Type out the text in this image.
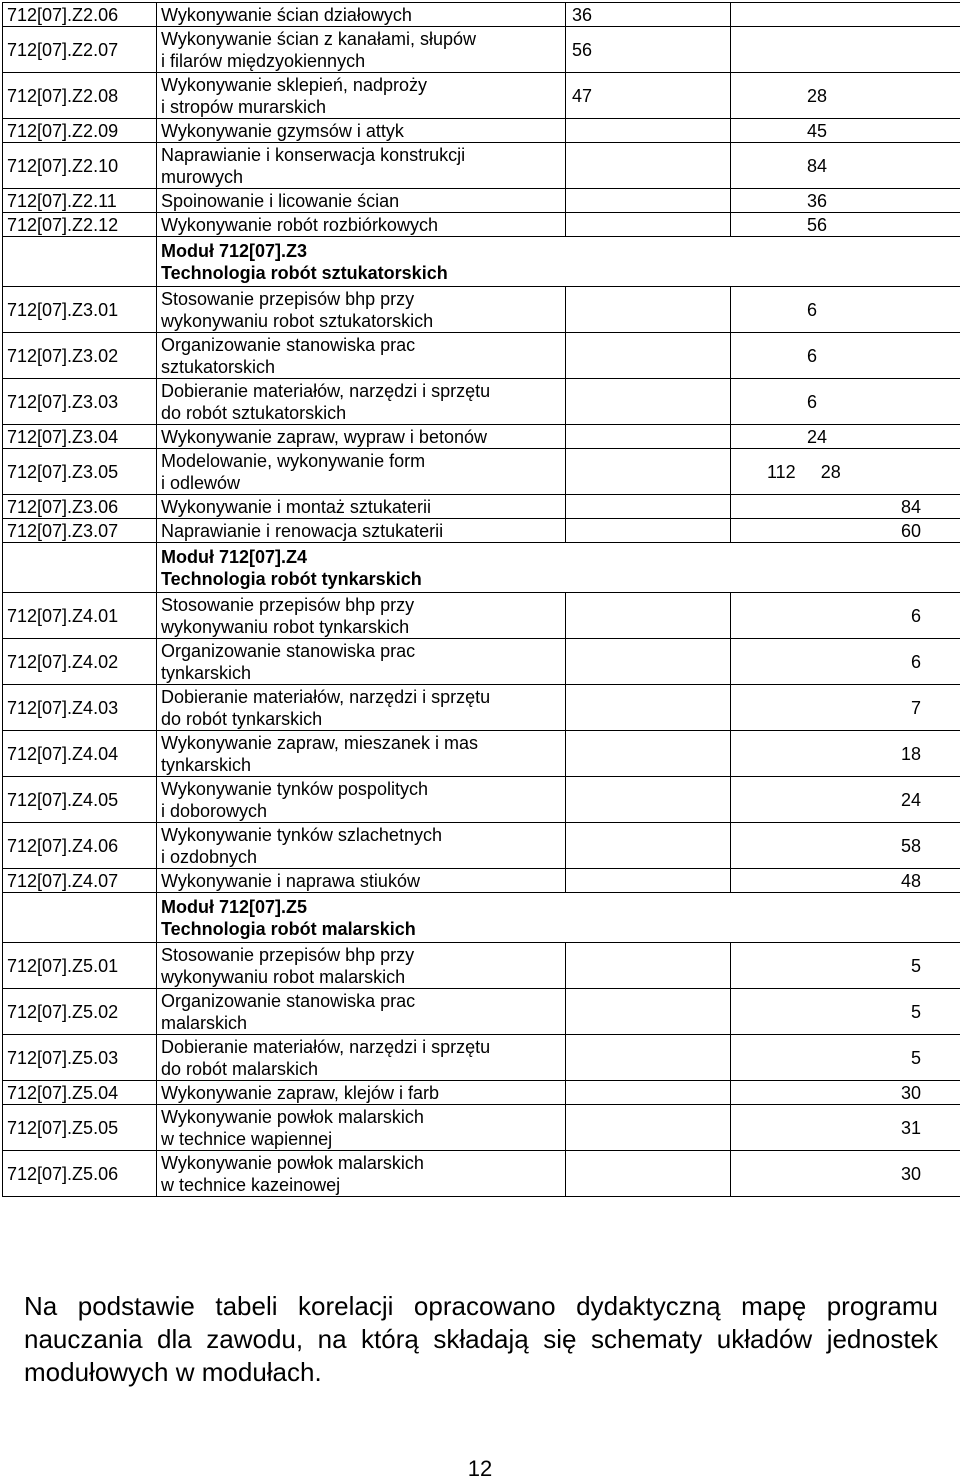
712[07].Z2.06	Wykonywanie ścian działowych	36	
712[07].Z2.07	Wykonywanie ścian z kanałami, słupów
i filarów międzyokiennych	56	
712[07].Z2.08	Wykonywanie sklepień, nadproży
i stropów murarskich	47	28
712[07].Z2.09	Wykonywanie gzymsów i attyk		45
712[07].Z2.10	Naprawianie i konserwacja konstrukcji
murowych		84
712[07].Z2.11	Spoinowanie i licowanie ścian		36
712[07].Z2.12	Wykonywanie robót rozbiórkowych		56

	Moduł 712[07].Z3
Technologia robót sztukatorskich		

712[07].Z3.01	Stosowanie przepisów bhp przy
wykonywaniu robot sztukatorskich		6
712[07].Z3.02	Organizowanie stanowiska prac
sztukatorskich		6
712[07].Z3.03	Dobieranie materiałów, narzędzi i sprzętu
do robót sztukatorskich		6
712[07].Z3.04	Wykonywanie zapraw, wypraw i betonów		24
712[07].Z3.05	Modelowanie, wykonywanie form
i odlewów		112     28
712[07].Z3.06	Wykonywanie i montaż sztukaterii		84
712[07].Z3.07	Naprawianie i renowacja sztukaterii		60

	Moduł 712[07].Z4
Technologia robót tynkarskich		

712[07].Z4.01	Stosowanie przepisów bhp przy
wykonywaniu robot tynkarskich		6
712[07].Z4.02	Organizowanie stanowiska prac
tynkarskich		6
712[07].Z4.03	Dobieranie materiałów, narzędzi i sprzętu
do robót tynkarskich		7
712[07].Z4.04	Wykonywanie zapraw, mieszanek i mas
tynkarskich		18
712[07].Z4.05	Wykonywanie tynków pospolitych
i doborowych		24
712[07].Z4.06	Wykonywanie tynków szlachetnych
i ozdobnych		58
712[07].Z4.07	Wykonywanie i naprawa stiuków		48

	Moduł 712[07].Z5
Technologia robót malarskich		

712[07].Z5.01	Stosowanie przepisów bhp przy
wykonywaniu robot malarskich		5
712[07].Z5.02	Organizowanie stanowiska prac
malarskich		5
712[07].Z5.03	Dobieranie materiałów, narzędzi i sprzętu
do robót malarskich		5
712[07].Z5.04	Wykonywanie zapraw, klejów i farb		30
712[07].Z5.05	Wykonywanie powłok malarskich
w technice wapiennej		31
712[07].Z5.06	Wykonywanie powłok malarskich
w technice kazeinowej		30

Na podstawie tabeli korelacji opracowano dydaktyczną mapę programu nauczania dla zawodu, na którą składają się schematy układów jednostek modułowych w modułach.

12
